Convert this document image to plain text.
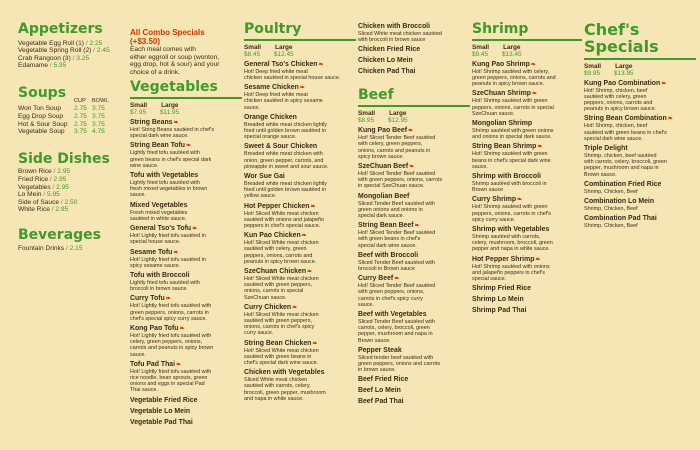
Appetizers
Vegetable Egg Roll (1) / 2.25
Vegetable Spring Roll (2) / 2.45
Crab Rangoon (3) / 3.25
Edamame / 5.95
Soups	CUP	BOWL
Won Ton Soup	2.75 3.75
Egg Drop Soup	2.75 3.75
Hot & Sour Soup 2.75 3.75
Vegetable Soup	3.75 4.75
Side Dishes
Brown Rice / 2.95
Fried Rice / 2.95
Vegetables / 2.95
Lo Mein / 5.95
Side of Sauce / 2.50
White Rice / 2.95
Beverages
Fountain Drinks / 2.15
All Combo Specials
(+$3.50)
Each meal comes with
either eggroll or soup (wonton,
egg drop, hot & sour) and your
choice of a drink.
Vegetables
Small Large
$7.95 $11.95
String Beans❧
Hot! String Beans sautéed in chef's
special dark wine sauce.
String Bean Tofu❧
Lightly fried tofu sautéed with
green beans in chef's special dark
wine sauce.
Tofu with Vegetables
Lightly fried tofu sautéed with
fresh mixed vegetables in brown
sauce.
Mixed Vegetables
Fresh mixed vegetables
sautéed in white sauce.
General Tso's Tofu❧
Hot! Lightly fried tofu sautéed in
special house sauce.
Sesame Tofu❧
Hot! Lightly fried tofu sautéed in
spicy sesame sauce.
Tofu with Broccoli
Lightly fried tofu sautéed with
broccoli in brown sauce.
Curry Tofu❧
Hot! Lightly fried tofu sautéed with
green peppers, onions, carrots in
chef's special spicy curry sauce.
Kong Pao Tofu❧
Hot! Lightly fried tofu sautéed with
celery, green peppers, onions,
carrots and peanuts in spicy brown
sauce.
Tofu Pad Thai❧
Hot! Lightly fried tofu sautéed with
rice noodle, bean sprouts, green
onions and eggs in special Pad
Thai sauce.
Vegetable Fried Rice
Vegetable Lo Mein
Vegetable Pad Thai
Poultry
Small Large
$8.45 $12.45
General Tso's Chicken❧
Hot! Deep fried white meat
chicken sautéed in special house sauce.
Sesame Chicken❧
Hot! Deep fried white meat
chicken sautéed in spicy sesame
sauce.
Orange Chicken
Breaded white meat chicken lightly
fried until golden brown sautéed in
special orange sauce.
Sweet & Sour Chicken
Breaded white meat chicken with
onion, green pepper, carrots, and
pineapple in sweet and sour sauce.
Wor Sue Gai
Breaded white meat chicken lightly
fried until golden brown sautéed in
yellow sauce.
Hot Pepper Chicken❧
Hot! Sliced White meat chicken
sautéed with onions and jalapeño
peppers in chef's special sauce.
Kun Pao Chicken❧
Hot! Sliced White meat chicken
sautéed with celery, green
peppers, onions, carrots and
peanuts in spicy brown sauce.
SzeChuan Chicken❧
Hot! Sliced White meat chicken
sautéed with green peppers,
onions, carrots in special
SzeChuan sauce.
Curry Chicken❧
Hot! Sliced White meat chicken
sautéed with green peppers,
onions, carrots in chef's spicy
curry sauce.
String Bean Chicken❧
Hot! Sliced White meat chicken
sautéed with green beans in
chef's special dark wine sauce.
Chicken with Vegetables
Sliced White meat chicken
sautéed with carrots, celery,
broccoli, green pepper, mushroom
and napa in white sauce.
Chicken with Broccoli
Sliced White meat chicken sautéed
with broccoli in brown sauce
Chicken Fried Rice
Chicken Lo Mein
Chicken Pad Thai
Beef
Small Large
$8.95 $12.95
Kung Pao Beef❧
Hot! Sliced Tender Beef sautéed
with celery, green peppers,
onions, carrots and peanuts in
spicy brown sauce.
SzeChuan Beef❧
Hot! Sliced Tender Beef sautéed
with green peppers, onions, carrots
in special SzeChuan sauce.
Mongolian Beef
Sliced Tender Beef sautéed with
green onions and onions in
special dark sauce.
String Bean Beef❧
Hot! Sliced Tender Beef sautéed
with green beans in chef's
special dark wine sauce.
Beef with Broccoli
Sliced Tender Beef sautéed with
broccoli in Brown sauce
Curry Beef❧
Hot! Sliced Tender Beef sautéed
with green peppers, onions,
carrots in chef's spicy curry
sauce.
Beef with Vegetables
Sliced Tender Beef sautéed with
carrots, celery, broccoli, green
pepper, mushroom and napa in
Brown sauce.
Pepper Steak
Sliced tender beef sautéed with
green peppers, onions and carrots
in brown sauce.
Beef Fried Rice
Beef Lo Mein
Beef Pad Thai
Shrimp
Small Large
$9.45 $13.45
Kung Pao Shrimp❧
Hot! Shrimp sautéed with celery,
green peppers, onions, carrots and
peanuts in spicy brown sauce.
SzeChuan Shrimp❧
Hot! Shrimp sautéed with green
peppers, onions, carrots in special
SzeChuan sauce.
Mongolian Shrimp
Shrimp sautéed with green onions
and onions in special dark sauce.
String Bean Shrimp❧
Hot! Shrimp sautéed with green
beans in chef's special dark wine
sauce.
Shrimp with Broccoli
Shrimp sautéed with broccoli in
Brown sauce
Curry Shrimp❧
Hot! Shrimp sautéed with green
peppers, onions, carrots in chef's
spicy curry sauce.
Shrimp with Vegetables
Shrimp sautéed with carrots,
celery, mushroom, broccoli, green
pepper and napa in white sauce.
Hot Pepper Shrimp❧
Hot! Shrimp sautéed with onions
and jalapeño peppers in chef's
special sauce.
Shrimp Fried Rice
Shrimp Lo Mein
Shrimp Pad Thai
Chef's
Specials
Small Large
$9.95 $13.95
Kung Pao Combination❧
Hot! Shrimp, chicken, beef
sautéed with celery, green
peppers, onions, carrots and
peanuts in spicy brown sauce.
String Bean Combination❧
Hot! Shrimp, chicken, beef
sautéed with green beans in chef's
special dark wine sauce.
Triple Delight
Shrimp, chicken, beef sautéed
with carrots, celery, broccoli, green
pepper, mushroom and napa in
Brown sauce.
Combination Fried Rice
Shrimp, Chicken, Beef
Combination Lo Mein
Shrimp, Chicken, Beef
Combination Pad Thai
Shrimp, Chicken, Beef
